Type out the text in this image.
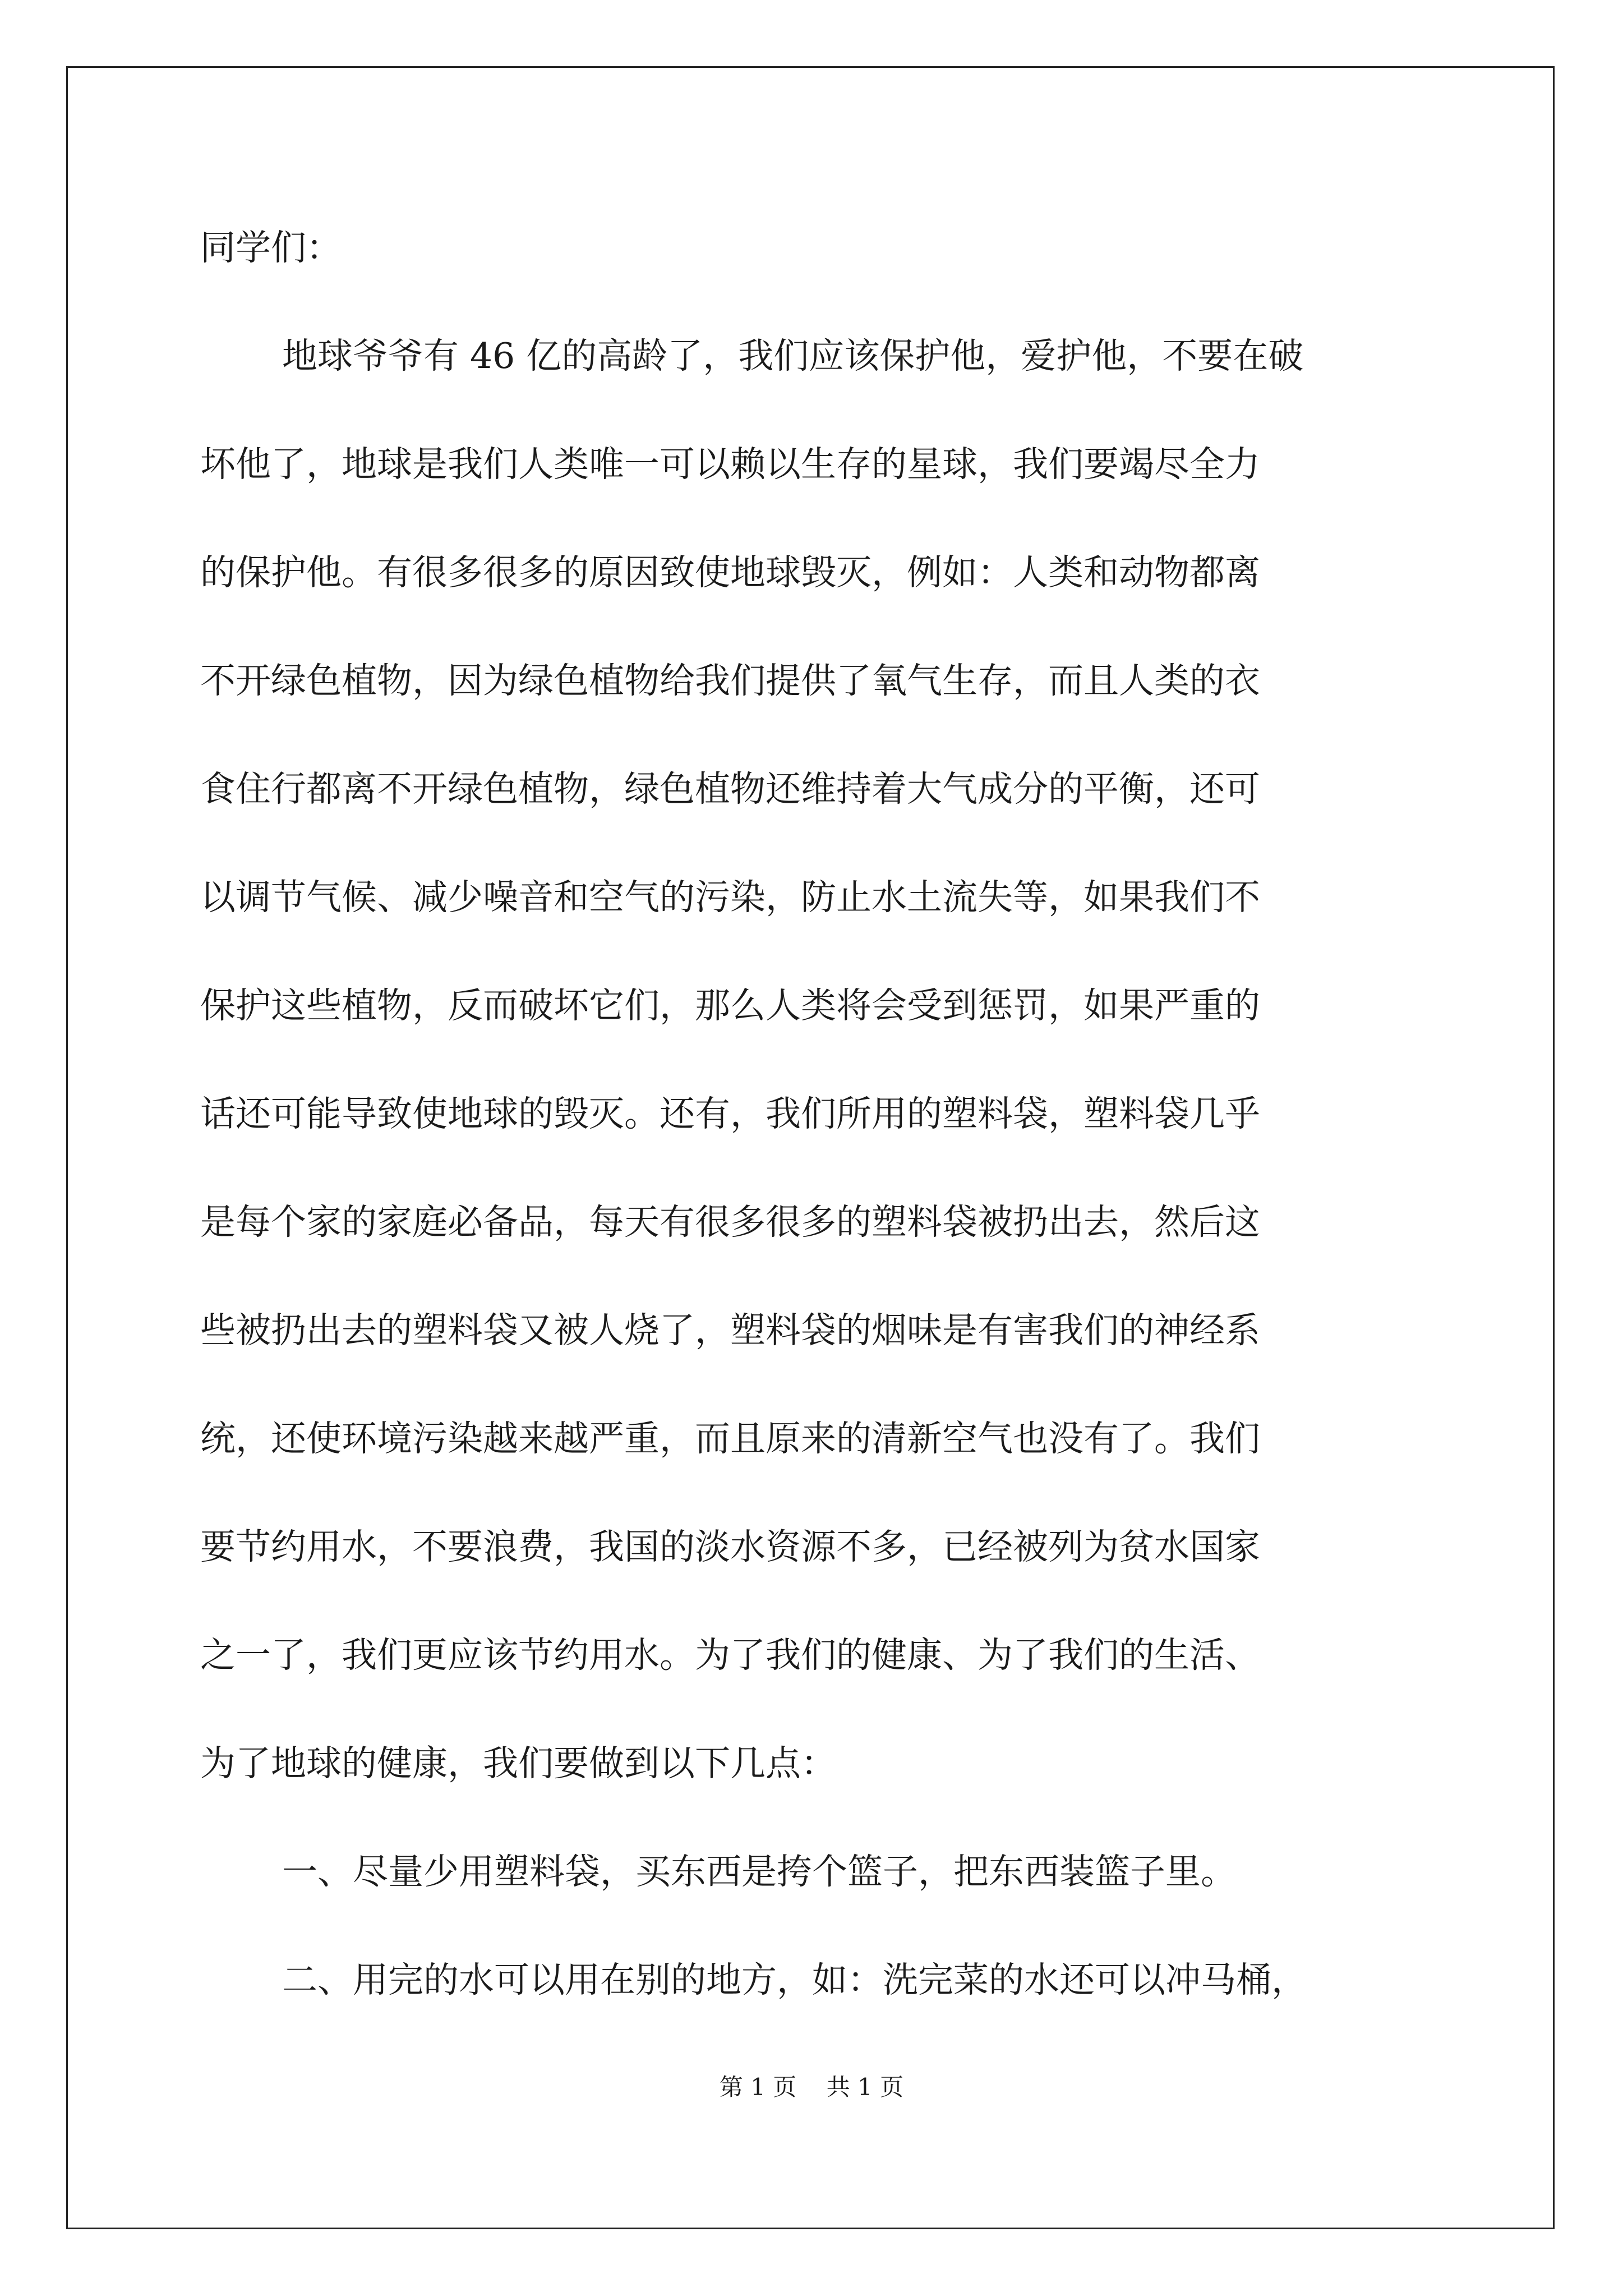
同学们：
地球爷爷有 46 亿的高龄了，我们应该保护他，爱护他，不要在破
坏他了，地球是我们人类唯一可以赖以生存的星球，我们要竭尽全力
的保护他。有很多很多的原因致使地球毁灭，例如：人类和动物都离
不开绿色植物，因为绿色植物给我们提供了氧气生存，而且人类的衣
食住行都离不开绿色植物，绿色植物还维持着大气成分的平衡，还可
以调节气候、减少噪音和空气的污染，防止水土流失等，如果我们不
保护这些植物，反而破坏它们，那么人类将会受到惩罚，如果严重的
话还可能导致使地球的毁灭。还有，我们所用的塑料袋，塑料袋几乎
是每个家的家庭必备品，每天有很多很多的塑料袋被扔出去，然后这
些被扔出去的塑料袋又被人烧了，塑料袋的烟味是有害我们的神经系
统，还使环境污染越来越严重，而且原来的清新空气也没有了。我们
要节约用水，不要浪费，我国的淡水资源不多，已经被列为贫水国家
之一了，我们更应该节约用水。为了我们的健康、为了我们的生活、
为了地球的健康，我们要做到以下几点：
一、尽量少用塑料袋，买东西是挎个篮子，把东西装篮子里。
二、用完的水可以用在别的地方，如：洗完菜的水还可以冲马桶，
第 1 页 共 1 页
